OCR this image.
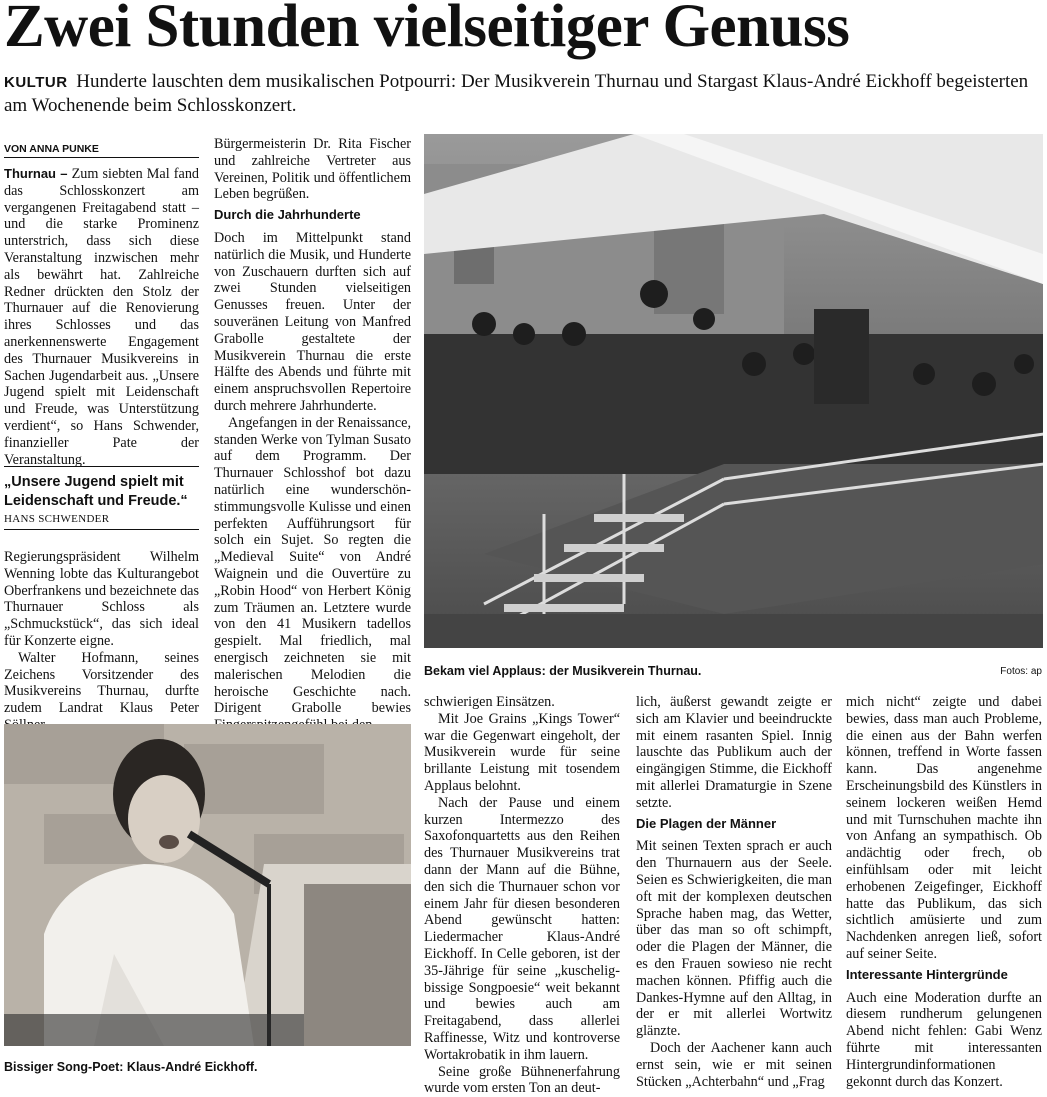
Zwei Stunden vielseitiger Genuss
KULTUR Hunderte lauschten dem musikalischen Potpourri: Der Musikverein Thurnau und Stargast Klaus-André Eickhoff begeisterten am Wochenende beim Schlosskonzert.
VON ANNA PUNKE

Thurnau – Zum siebten Mal fand das Schlosskonzert am vergangenen Freitagabend statt – und die starke Prominenz unterstrich, dass sich diese Veranstaltung inzwischen mehr als bewährt hat. Zahlreiche Redner drückten den Stolz der Thurnauer auf die Renovierung ihres Schlosses und das anerkennenswerte Engagement des Thurnauer Musikvereins in Sachen Jugendarbeit aus. „Unsere Jugend spielt mit Leidenschaft und Freude, was Unterstützung verdient“, so Hans Schwender, finanzieller Pate der Veranstaltung.

„Unsere Jugend spielt mit Leidenschaft und Freude.“
HANS SCHWENDER

Regierungspräsident Wilhelm Wenning lobte das Kulturangebot Oberfrankens und bezeichnete das Thurnauer Schloss als „Schmuckstück“, das sich ideal für Konzerte eigne.

Walter Hofmann, seines Zeichens Vorsitzender des Musikvereins Thurnau, durfte zudem Landrat Klaus Peter

Bürgermeisterin Dr. Rita Fischer und zahlreiche Vertreter aus Vereinen, Politik und öffentlichem Leben begrüßen.

Durch die Jahrhunderte

Doch im Mittelpunkt stand natürlich die Musik, und Hunderte von Zuschauern durften sich auf zwei Stunden vielseitigen Genusses freuen. Unter der souveränen Leitung von Manfred Grabolle gestaltete der Musikverein Thurnau die erste Hälfte des Abends und führte mit einem anspruchsvollen Repertoire durch mehrere Jahrhunderte.

Angefangen in der Renaissance, standen Werke von Tylman Susato auf dem Programm. Der Thurnauer Schlosshof bot dazu natürlich eine wunderschön-stimmungsvolle Kulisse und einen perfekten Aufführungsort für solch ein Sujet. So regten die „Medieval Suite“ von André Waignein und die Ouvertüre zu „Robin Hood“ von Herbert König zum Träumen an. Letztere wurde von den 41 Musikern tadellos gespielt. Mal friedlich, mal energisch zeichneten sie mit malerischen Melodien die heroische Geschichte nach. Dirigent Grabolle bewies

Bekam viel Applaus: der Musikverein Thurnau.	Fotos: ap
Bissiger Song-Poet: Klaus-André Eickhoff.

schwierigen Einsätzen.

Mit Joe Grains „Kings Tower“ war die Gegenwart eingeholt, der Musikverein wurde für seine brillante Leistung mit tosendem Applaus belohnt.

Nach der Pause und einem kurzen Intermezzo des Saxofonquartetts aus den Reihen des Thurnauer Musikvereins trat dann der Mann auf die Bühne, den sich die Thurnauer schon vor einem Jahr für diesen besonderen Abend gewünscht hatten: Liedermacher Klaus-André Eickhoff. In Celle geboren, ist der 35-Jährige für seine „kuschelig-bissige Songpoesie“ weit bekannt und bewies auch am Freitagabend, dass allerlei Raffinesse, Witz und kontroverse Wortakrobatik in ihm lauern.

Seine große Bühnenerfahrung wurde vom ersten Ton an deut-

lich, äußerst gewandt zeigte er sich am Klavier und beeindruckte mit einem rasanten Spiel. Innig lauschte das Publikum auch der eingängigen Stimme, die Eickhoff mit allerlei Dramaturgie in Szene setzte.

Die Plagen der Männer

Mit seinen Texten sprach er auch den Thurnauern aus der Seele. Seien es Schwierigkeiten, die man oft mit der komplexen deutschen Sprache haben mag, das Wetter, über das man so oft schimpft, oder die Plagen der Männer, die es den Frauen sowieso nie recht machen können. Pfiffig auch die Dankes-Hymne auf den Alltag, in der er mit allerlei Wortwitz glänzte.

Doch der Aachener kann auch ernst sein, wie er mit seinen Stücken „Achterbahn“ und „Frag

mich nicht“ zeigte und dabei bewies, dass man auch Probleme, die einen aus der Bahn werfen können, treffend in Worte fassen kann. Das angenehme Erscheinungsbild des Künstlers in seinem lockeren weißen Hemd und mit Turnschuhen machte ihn von Anfang an sympathisch. Ob andächtig oder frech, ob einfühlsam oder mit leicht erhobenen Zeigefinger, Eickhoff hatte das Publikum, das sich sichtlich amüsierte und zum Nachdenken anregen ließ, sofort auf seiner Seite.

Interessante Hintergründe

Auch eine Moderation durfte an diesem rundherum gelungenen Abend nicht fehlen: Gabi Wenz führte mit interessanten Hintergrundinformationen gekonnt durch das Konzert.
